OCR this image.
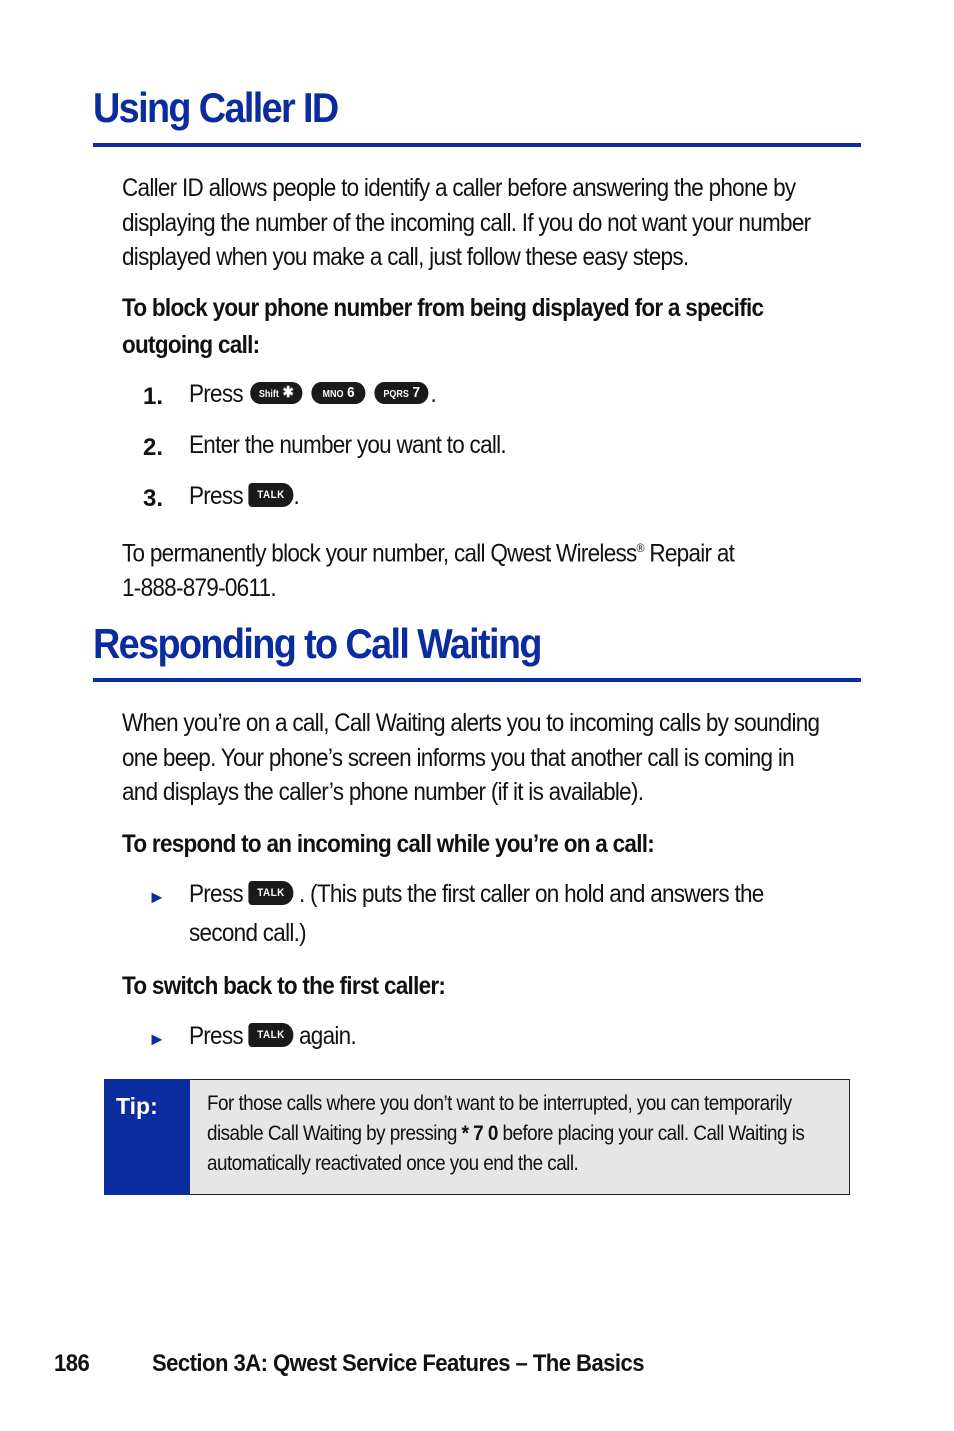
Using Caller ID
Caller ID allows people to identify a caller before answering the phone by displaying the number of the incoming call. If you do not want your number displayed when you make a call, just follow these easy steps.
To block your phone number from being displayed for a specific outgoing call:
1. Press Shift ✱	MNO 6	PQRS 7 .
2. Enter the number you want to call.
3. Press TALK .
To permanently block your number, call Qwest Wireless® Repair at
1-888-879-0611.
Responding to Call Waiting
When you’re on a call, Call Waiting alerts you to incoming calls by sounding one beep. Your phone’s screen informs you that another call is coming in and displays the caller’s phone number (if it is available).
To respond to an incoming call while you’re on a call:
► Press TALK . (This puts the first caller on hold and answers the
second call.)
To switch back to the first caller:
► Press TALK again.
Tip: For those calls where you don’t want to be interrupted, you can temporarily disable Call Waiting by pressing * 7 0 before placing your call. Call Waiting is automatically reactivated once you end the call.
186	Section 3A: Qwest Service Features – The Basics
